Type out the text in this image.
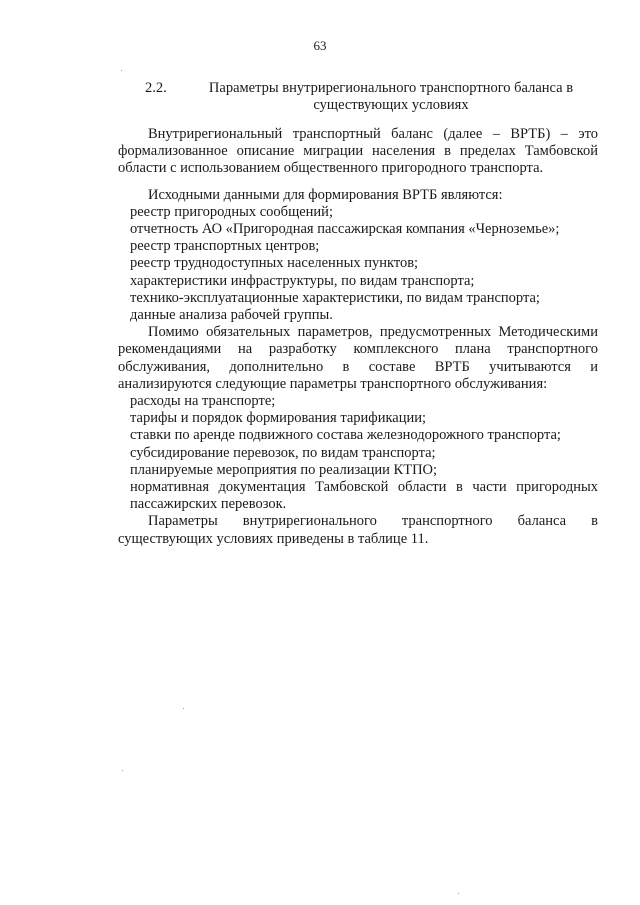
63
2.2.	Параметры внутрирегионального транспортного баланса в существующих условиях

Внутрирегиональный транспортный баланс (далее – ВРТБ) – это формализованное описание миграции населения в пределах Тамбовской области с использованием общественного пригородного транспорта.

Исходными данными для формирования ВРТБ являются:

реестр пригородных сообщений;

отчетность АО «Пригородная пассажирская компания «Черноземье»;

реестр транспортных центров;

реестр труднодоступных населенных пунктов;

характеристики инфраструктуры, по видам транспорта;

технико-эксплуатационные характеристики, по видам транспорта;

данные анализа рабочей группы.

Помимо обязательных параметров, предусмотренных Методическими рекомендациями на разработку комплексного плана транспортного обслуживания, дополнительно в составе ВРТБ учитываются и анализируются следующие параметры транспортного обслуживания:

расходы на транспорте;

тарифы и порядок формирования тарификации;

ставки по аренде подвижного состава железнодорожного транспорта;

субсидирование перевозок, по видам транспорта;

планируемые мероприятия по реализации КТПО;

нормативная документация Тамбовской области в части пригородных пассажирских перевозок.

Параметры внутрирегионального транспортного баланса в существующих условиях приведены в таблице 11.
